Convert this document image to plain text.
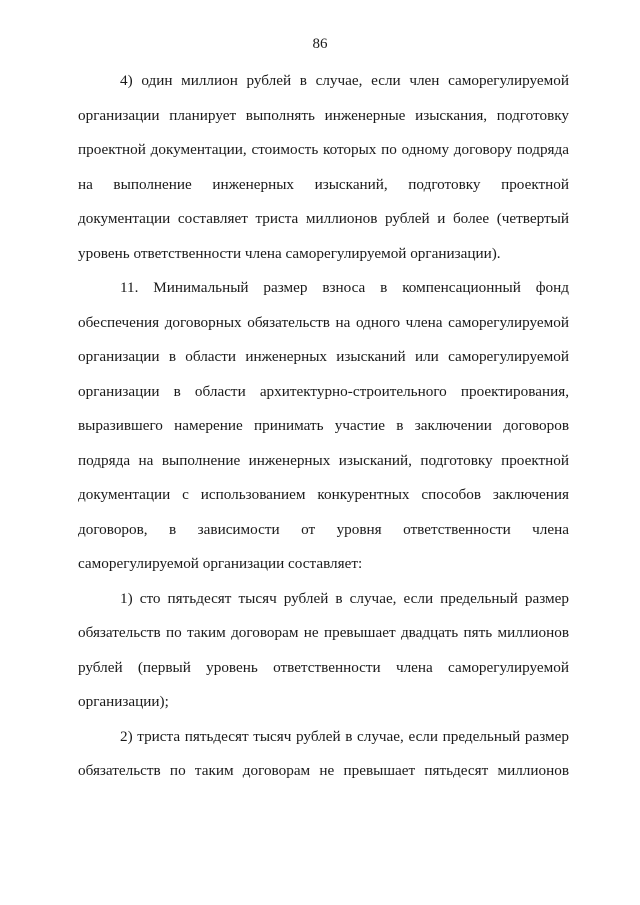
86
4) один миллион рублей в случае, если член саморегулируемой
организации планирует выполнять инженерные изыскания, подготовку
проектной документации, стоимость которых по одному договору подряда
на выполнение инженерных изысканий, подготовку проектной
документации составляет триста миллионов рублей и более (четвертый
уровень ответственности члена саморегулируемой организации).
11. Минимальный размер взноса в компенсационный фонд
обеспечения договорных обязательств на одного члена саморегулируемой
организации в области инженерных изысканий или саморегулируемой
организации в области архитектурно-строительного проектирования,
выразившего намерение принимать участие в заключении договоров
подряда на выполнение инженерных изысканий, подготовку проектной
документации с использованием конкурентных способов заключения
договоров, в зависимости от уровня ответственности члена
саморегулируемой организации составляет:
1) сто пятьдесят тысяч рублей в случае, если предельный размер
обязательств по таким договорам не превышает двадцать пять миллионов
рублей (первый уровень ответственности члена саморегулируемой
организации);
2) триста пятьдесят тысяч рублей в случае, если предельный размер
обязательств по таким договорам не превышает пятьдесят миллионов
